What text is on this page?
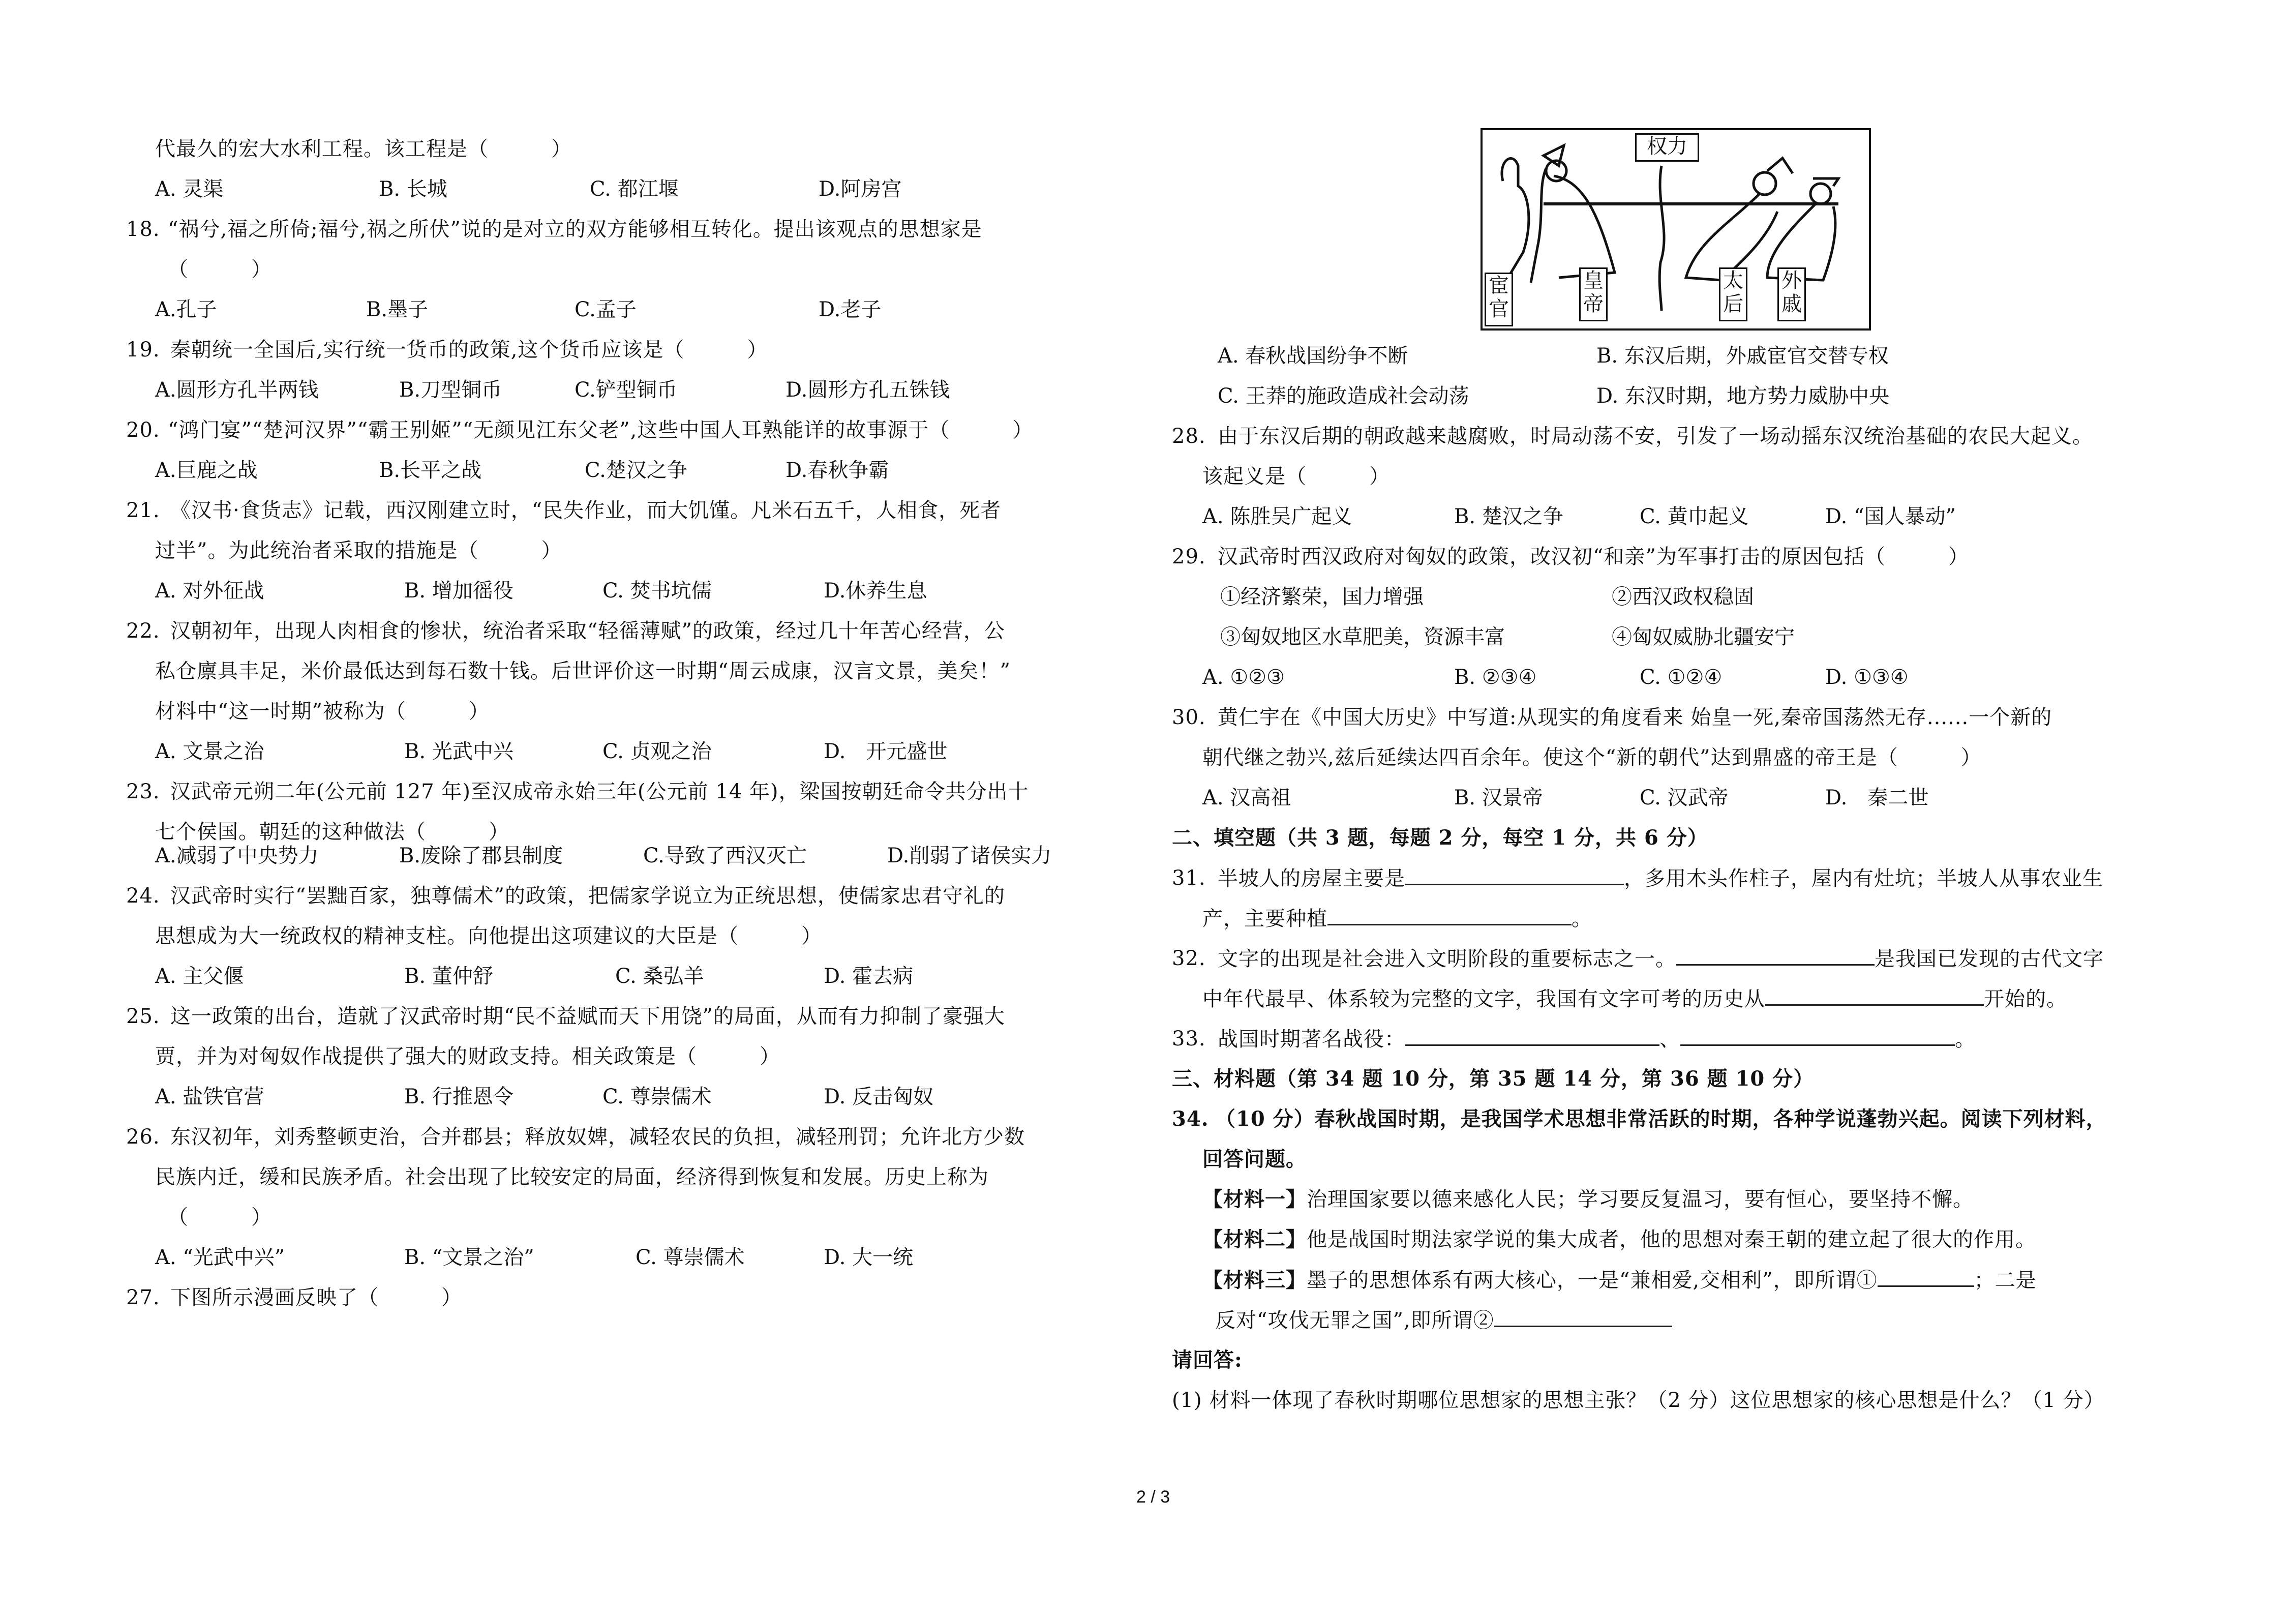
代最久的宏大水利工程。该工程是（　　　）
A. 灵渠	B. 长城	C. 都江堰	D.阿房宫
18. “祸兮,福之所倚;福兮,祸之所伏”说的是对立的双方能够相互转化。提出该观点的思想家是
（　　　）
A.孔子	B.墨子	C.孟子	D.老子
19. 秦朝统一全国后,实行统一货币的政策,这个货币应该是（　　　）
A.圆形方孔半两钱	B.刀型铜币	C.铲型铜币	D.圆形方孔五铢钱
20. “鸿门宴”“楚河汉界”“霸王别姬”“无颜见江东父老”,这些中国人耳熟能详的故事源于（　　　）
A.巨鹿之战	B.长平之战	C.楚汉之争	D.春秋争霸
21. 《汉书·食货志》记载，西汉刚建立时，“民失作业，而大饥馑。凡米石五千，人相食，死者
过半”。为此统治者采取的措施是（　　　）
A. 对外征战	B. 增加徭役	C. 焚书坑儒	D.休养生息
22. 汉朝初年，出现人肉相食的惨状，统治者采取“轻徭薄赋”的政策，经过几十年苦心经营，公
私仓廪具丰足，米价最低达到每石数十钱。后世评价这一时期“周云成康，汉言文景，美矣！”
材料中“这一时期”被称为（　　　）
A. 文景之治	B. 光武中兴	C. 贞观之治	D.　开元盛世
23. 汉武帝元朔二年(公元前 127 年)至汉成帝永始三年(公元前 14 年)，梁国按朝廷命令共分出十
七个侯国。朝廷的这种做法（　　　）
A.减弱了中央势力	B.废除了郡县制度	C.导致了西汉灭亡	D.削弱了诸侯实力
24. 汉武帝时实行“罢黜百家，独尊儒术”的政策，把儒家学说立为正统思想，使儒家忠君守礼的
思想成为大一统政权的精神支柱。向他提出这项建议的大臣是（　　　）
A. 主父偃	B. 董仲舒	C. 桑弘羊	D. 霍去病
25. 这一政策的出台，造就了汉武帝时期“民不益赋而天下用饶”的局面，从而有力抑制了豪强大
贾，并为对匈奴作战提供了强大的财政支持。相关政策是（　　　）
A. 盐铁官营	B. 行推恩令	C. 尊崇儒术	D. 反击匈奴
26. 东汉初年，刘秀整顿吏治，合并郡县；释放奴婢，减轻农民的负担，减轻刑罚；允许北方少数
民族内迁，缓和民族矛盾。社会出现了比较安定的局面，经济得到恢复和发展。历史上称为
（　　　）
A. “光武中兴”	B. “文景之治”	C. 尊崇儒术	D. 大一统
27. 下图所示漫画反映了（　　　）
权力
宦官
皇帝
太后
外戚
A. 春秋战国纷争不断	B. 东汉后期，外戚宦官交替专权
C. 王莽的施政造成社会动荡	D. 东汉时期，地方势力威胁中央
28. 由于东汉后期的朝政越来越腐败，时局动荡不安，引发了一场动摇东汉统治基础的农民大起义。
该起义是（　　　）
A. 陈胜吴广起义	B. 楚汉之争	C. 黄巾起义	D. “国人暴动”
29. 汉武帝时西汉政府对匈奴的政策，改汉初“和亲”为军事打击的原因包括（　　　）
①经济繁荣，国力增强	②西汉政权稳固
③匈奴地区水草肥美，资源丰富	④匈奴威胁北疆安宁
A. ①②③	B. ②③④	C. ①②④	D. ①③④
30. 黄仁宇在《中国大历史》中写道:从现实的角度看来 始皇一死,秦帝国荡然无存......一个新的
朝代继之勃兴,兹后延续达四百余年。使这个“新的朝代”达到鼎盛的帝王是（　　　）
A. 汉高祖	B. 汉景帝	C. 汉武帝	D.　秦二世
二、填空题（共 3 题，每题 2 分，每空 1 分，共 6 分）
31. 半坡人的房屋主要是	，多用木头作柱子，屋内有灶坑；半坡人从事农业生
产，主要种植	。
32. 文字的出现是社会进入文明阶段的重要标志之一。	是我国已发现的古代文字
中年代最早、体系较为完整的文字，我国有文字可考的历史从	开始的。
33. 战国时期著名战役：	、	。
三、材料题（第 34 题 10 分，第 35 题 14 分，第 36 题 10 分）
34. （10 分）春秋战国时期，是我国学术思想非常活跃的时期，各种学说蓬勃兴起。阅读下列材料，
回答问题。
【材料一】治理国家要以德来感化人民；学习要反复温习，要有恒心，要坚持不懈。
【材料二】他是战国时期法家学说的集大成者，他的思想对秦王朝的建立起了很大的作用。
【材料三】墨子的思想体系有两大核心，一是“兼相爱,交相利”，即所谓①	；二是
反对“攻伐无罪之国”,即所谓②
请回答:
(1) 材料一体现了春秋时期哪位思想家的思想主张？（2 分）这位思想家的核心思想是什么？（1 分）
2 / 3
